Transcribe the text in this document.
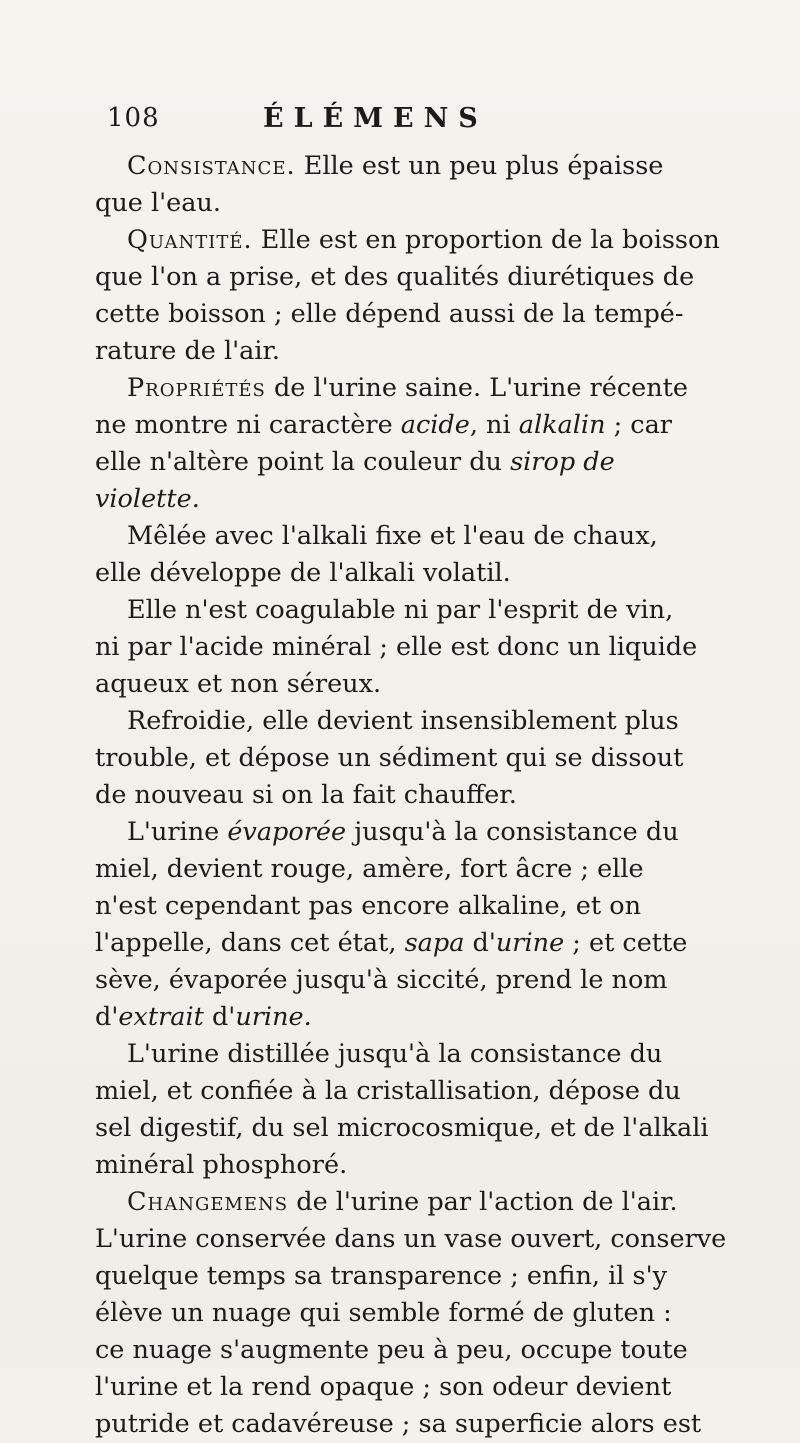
108	ÉLÉMENS
Consistance. Elle est un peu plus épaisse
que l'eau.
Quantité. Elle est en proportion de la boisson
que l'on a prise, et des qualités diurétiques de
cette boisson ; elle dépend aussi de la tempé-
rature de l'air.
Propriétés de l'urine saine. L'urine récente
ne montre ni caractère acide, ni alkalin ; car
elle n'altère point la couleur du sirop de
violette.
Mêlée avec l'alkali fixe et l'eau de chaux,
elle développe de l'alkali volatil.
Elle n'est coagulable ni par l'esprit de vin,
ni par l'acide minéral ; elle est donc un liquide
aqueux et non séreux.
Refroidie, elle devient insensiblement plus
trouble, et dépose un sédiment qui se dissout
de nouveau si on la fait chauffer.
L'urine évaporée jusqu'à la consistance du
miel, devient rouge, amère, fort âcre ; elle
n'est cependant pas encore alkaline, et on
l'appelle, dans cet état, sapa d'urine ; et cette
sève, évaporée jusqu'à siccité, prend le nom
d'extrait d'urine.
L'urine distillée jusqu'à la consistance du
miel, et confiée à la cristallisation, dépose du
sel digestif, du sel microcosmique, et de l'alkali
minéral phosphoré.
Changemens de l'urine par l'action de l'air.
L'urine conservée dans un vase ouvert, conserve
quelque temps sa transparence ; enfin, il s'y
élève un nuage qui semble formé de gluten :
ce nuage s'augmente peu à peu, occupe toute
l'urine et la rend opaque ; son odeur devient
putride et cadavéreuse ; sa superficie alors est
